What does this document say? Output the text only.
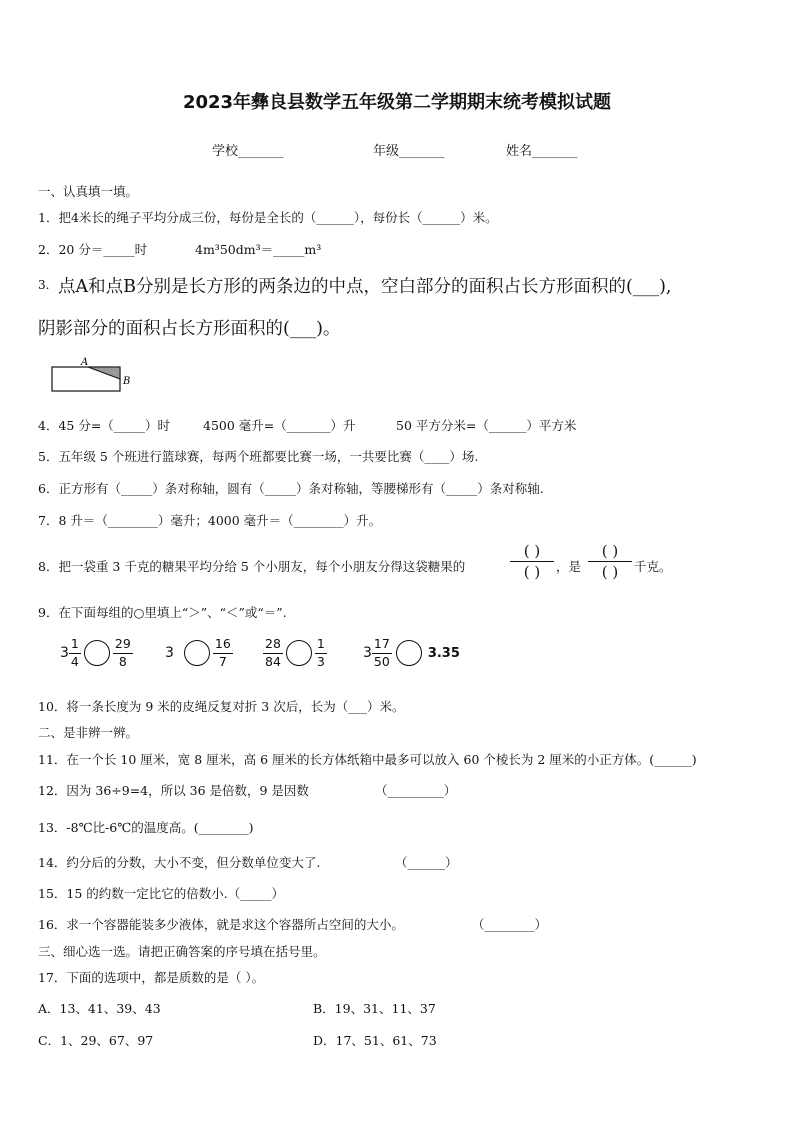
2023年彝良县数学五年级第二学期期末统考模拟试题
学校_______	年级_______	姓名_______
一、认真填一填。
1．把4米长的绳子平均分成三份，每份是全长的（______），每份长（______）米。
2．20 分＝_____时	4m³50dm³＝_____m³
3. 点A和点B分别是长方形的两条边的中点，空白部分的面积占长方形面积的(___),
阴影部分的面积占长方形面积的(___)。
A
B
4．45 分=（_____）时	4500 毫升=（_______）升	50 平方分米=（______）平方米
5．五年级 5 个班进行篮球赛，每两个班都要比赛一场，一共要比赛（____）场.
6．正方形有（_____）条对称轴，圆有（_____）条对称轴，等腰梯形有（_____）条对称轴.
7．8 升＝（________）毫升；4000 毫升＝（________）升。
8．把一袋重 3 千克的糖果平均分给 5 个小朋友，每个小朋友分得这袋糖果的
( )
( ) ，是
( )
( ) 千克。
9．在下面每组的○里填上“＞”、“＜”或“＝”.
$3 \frac{1}{4}$	$\frac{29}{8} 3$	$\frac{16}{7} \frac{28}{84}$	$\frac{1}{3}$	$3 \frac{17}{50}$	3.35
10．将一条长度为 9 米的皮绳反复对折 3 次后，长为（___）米。
二、是非辨一辨。
11．在一个长 10 厘米，宽 8 厘米，高 6 厘米的长方体纸箱中最多可以放入 60 个棱长为 2 厘米的小正方体。(______)
12．因为 36÷9=4，所以 36 是倍数，9 是因数	（_________）
13．-8℃比-6℃的温度高。(________)
14．约分后的分数，大小不变，但分数单位变大了.	（______）
15．15 的约数一定比它的倍数小.（_____）
16．求一个容器能装多少液体，就是求这个容器所占空间的大小。	（________）
三、细心选一选。请把正确答案的序号填在括号里。
17．下面的选项中，都是质数的是（ ）。
A．13、41、39、43	B．19、31、11、37
C．1、29、67、97	D．17、51、61、73
